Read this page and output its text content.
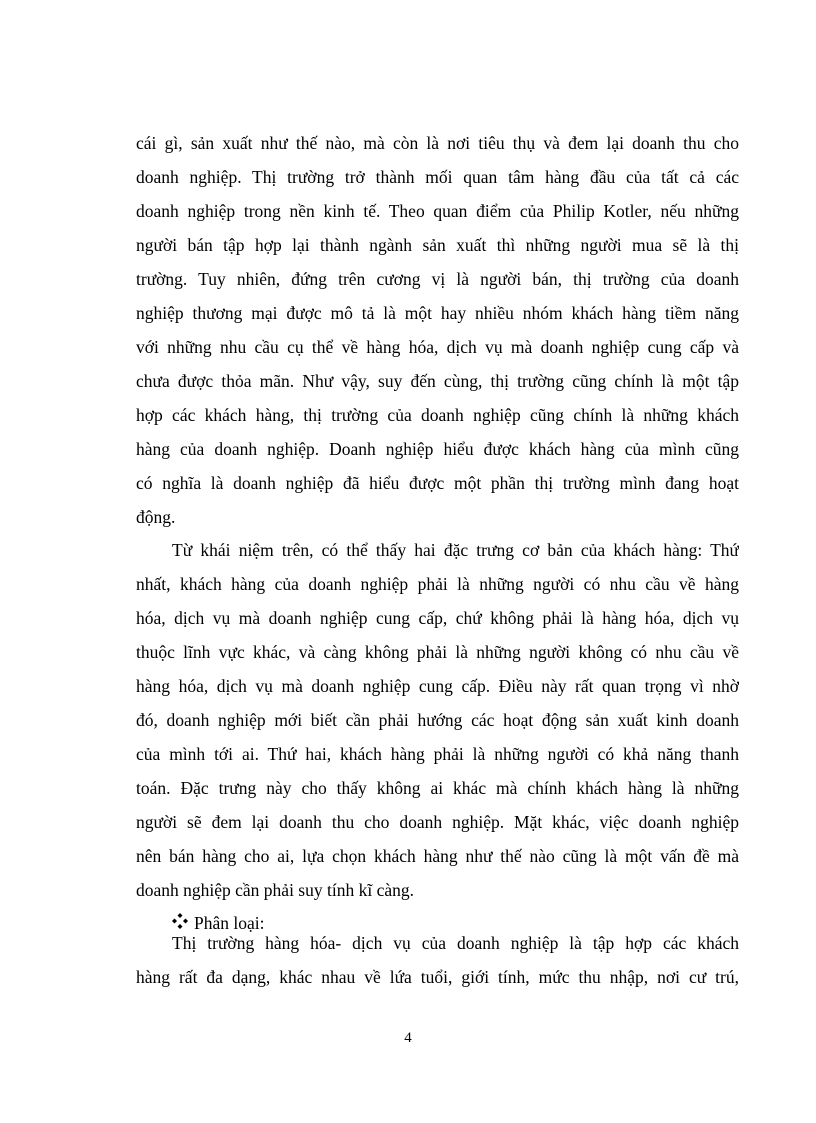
cái gì, sản xuất như thế nào, mà còn là nơi tiêu thụ và đem lại doanh thu cho
doanh nghiệp. Thị trường trở thành mối quan tâm hàng đầu của tất cả các
doanh nghiệp trong nền kinh tế. Theo quan điểm của Philip Kotler, nếu những
người bán tập hợp lại thành ngành sản xuất thì những người mua sẽ là thị
trường. Tuy nhiên, đứng trên cương vị là người bán, thị trường của doanh
nghiệp thương mại được mô tả là một hay nhiều nhóm khách hàng tiềm năng
với những nhu cầu cụ thể về hàng hóa, dịch vụ mà doanh nghiệp cung cấp và
chưa được thỏa mãn. Như vậy, suy đến cùng, thị trường cũng chính là một tập
hợp các khách hàng, thị trường của doanh nghiệp cũng chính là những khách
hàng của doanh nghiệp. Doanh nghiệp hiểu được khách hàng của mình cũng
có nghĩa là doanh nghiệp đã hiểu được một phần thị trường mình đang hoạt
động.
Từ khái niệm trên, có thể thấy hai đặc trưng cơ bản của khách hàng: Thứ
nhất, khách hàng của doanh nghiệp phải là những người có nhu cầu về hàng
hóa, dịch vụ mà doanh nghiệp cung cấp, chứ không phải là hàng hóa, dịch vụ
thuộc lĩnh vực khác, và càng không phải là những người không có nhu cầu về
hàng hóa, dịch vụ mà doanh nghiệp cung cấp. Điều này rất quan trọng vì nhờ
đó, doanh nghiệp mới biết cần phải hướng các hoạt động sản xuất kinh doanh
của mình tới ai. Thứ hai, khách hàng phải là những người có khả năng thanh
toán. Đặc trưng này cho thấy không ai khác mà chính khách hàng là những
người sẽ đem lại doanh thu cho doanh nghiệp. Mặt khác, việc doanh nghiệp
nên bán hàng cho ai, lựa chọn khách hàng như thế nào cũng là một vấn đề mà
doanh nghiệp cần phải suy tính kĩ càng.
Phân loại:
Thị trường hàng hóa- dịch vụ của doanh nghiệp là tập hợp các khách
hàng rất đa dạng, khác nhau về lứa tuổi, giới tính, mức thu nhập, nơi cư trú,
4
